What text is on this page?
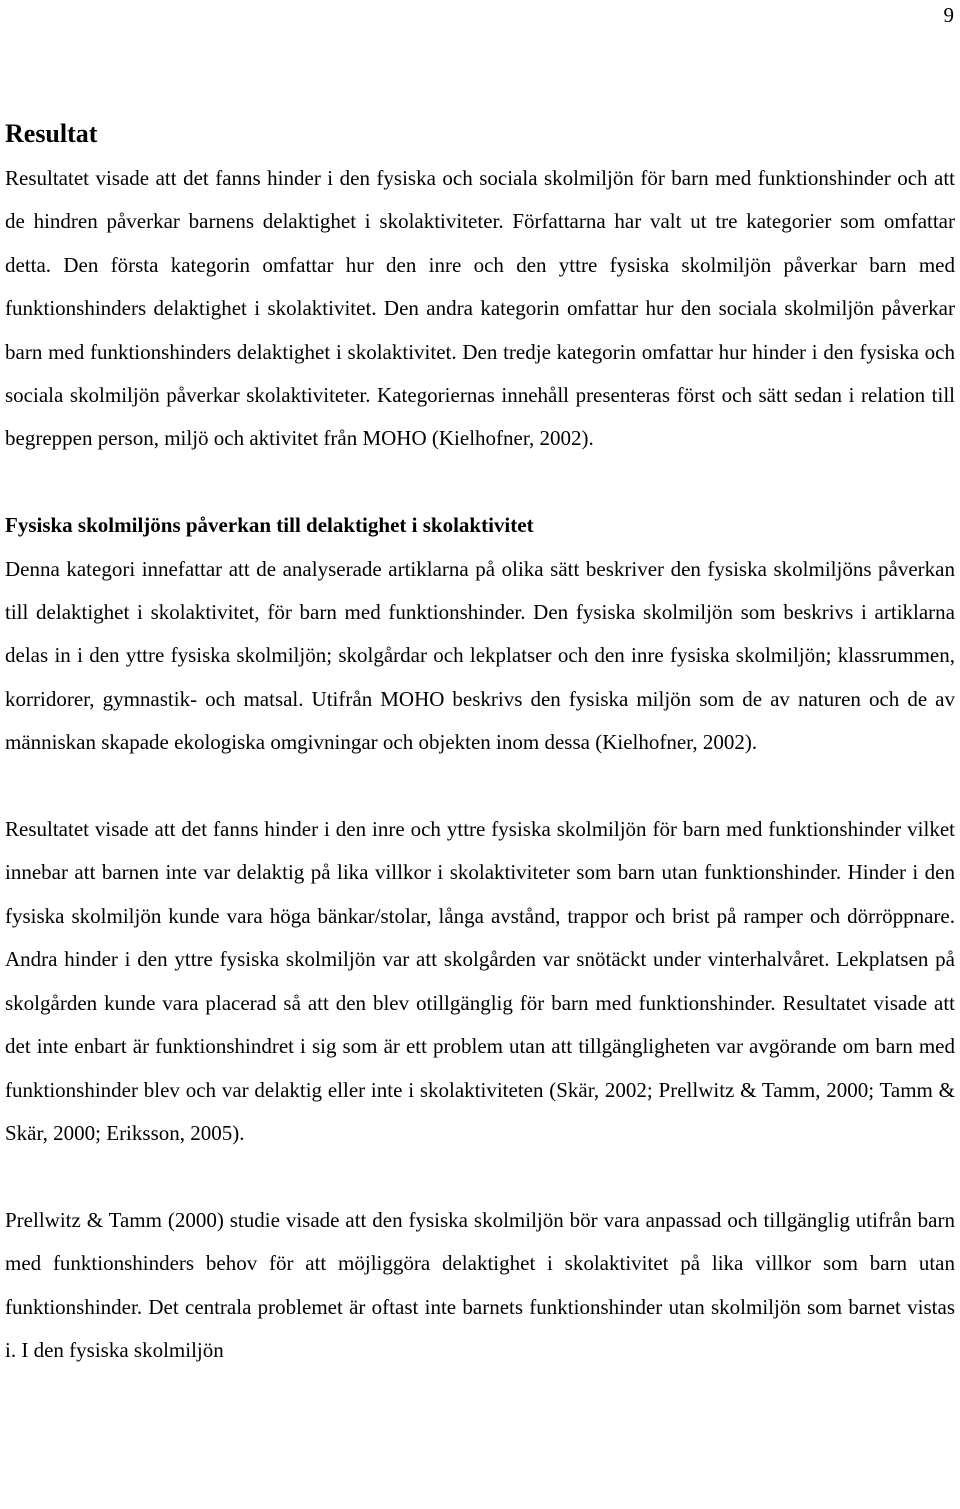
9
Resultat

Resultatet visade att det fanns hinder i den fysiska och sociala skolmiljön för barn med funktionshinder och att de hindren påverkar barnens delaktighet i skolaktiviteter. Författarna har valt ut tre kategorier som omfattar detta. Den första kategorin omfattar hur den inre och den yttre fysiska skolmiljön påverkar barn med funktionshinders delaktighet i skolaktivitet. Den andra kategorin omfattar hur den sociala skolmiljön påverkar barn med funktionshinders delaktighet i skolaktivitet. Den tredje kategorin omfattar hur hinder i den fysiska och sociala skolmiljön påverkar skolaktiviteter. Kategoriernas innehåll presenteras först och sätt sedan i relation till begreppen person, miljö och aktivitet från MOHO (Kielhofner, 2002).

Fysiska skolmiljöns påverkan till delaktighet i skolaktivitet

Denna kategori innefattar att de analyserade artiklarna på olika sätt beskriver den fysiska skolmiljöns påverkan till delaktighet i skolaktivitet, för barn med funktionshinder. Den fysiska skolmiljön som beskrivs i artiklarna delas in i den yttre fysiska skolmiljön; skolgårdar och lekplatser och den inre fysiska skolmiljön; klassrummen, korridorer, gymnastik- och matsal. Utifrån MOHO beskrivs den fysiska miljön som de av naturen och de av människan skapade ekologiska omgivningar och objekten inom dessa (Kielhofner, 2002).

Resultatet visade att det fanns hinder i den inre och yttre fysiska skolmiljön för barn med funktionshinder vilket innebar att barnen inte var delaktig på lika villkor i skolaktiviteter som barn utan funktionshinder. Hinder i den fysiska skolmiljön kunde vara höga bänkar/stolar, långa avstånd, trappor och brist på ramper och dörröppnare. Andra hinder i den yttre fysiska skolmiljön var att skolgården var snötäckt under vinterhalvåret. Lekplatsen på skolgården kunde vara placerad så att den blev otillgänglig för barn med funktionshinder. Resultatet visade att det inte enbart är funktionshindret i sig som är ett problem utan att tillgängligheten var avgörande om barn med funktionshinder blev och var delaktig eller inte i skolaktiviteten (Skär, 2002; Prellwitz & Tamm, 2000; Tamm & Skär, 2000; Eriksson, 2005).

Prellwitz & Tamm (2000) studie visade att den fysiska skolmiljön bör vara anpassad och tillgänglig utifrån barn med funktionshinders behov för att möjliggöra delaktighet i skolaktivitet på lika villkor som barn utan funktionshinder. Det centrala problemet är oftast inte barnets funktionshinder utan skolmiljön som barnet vistas i. I den fysiska skolmiljön
